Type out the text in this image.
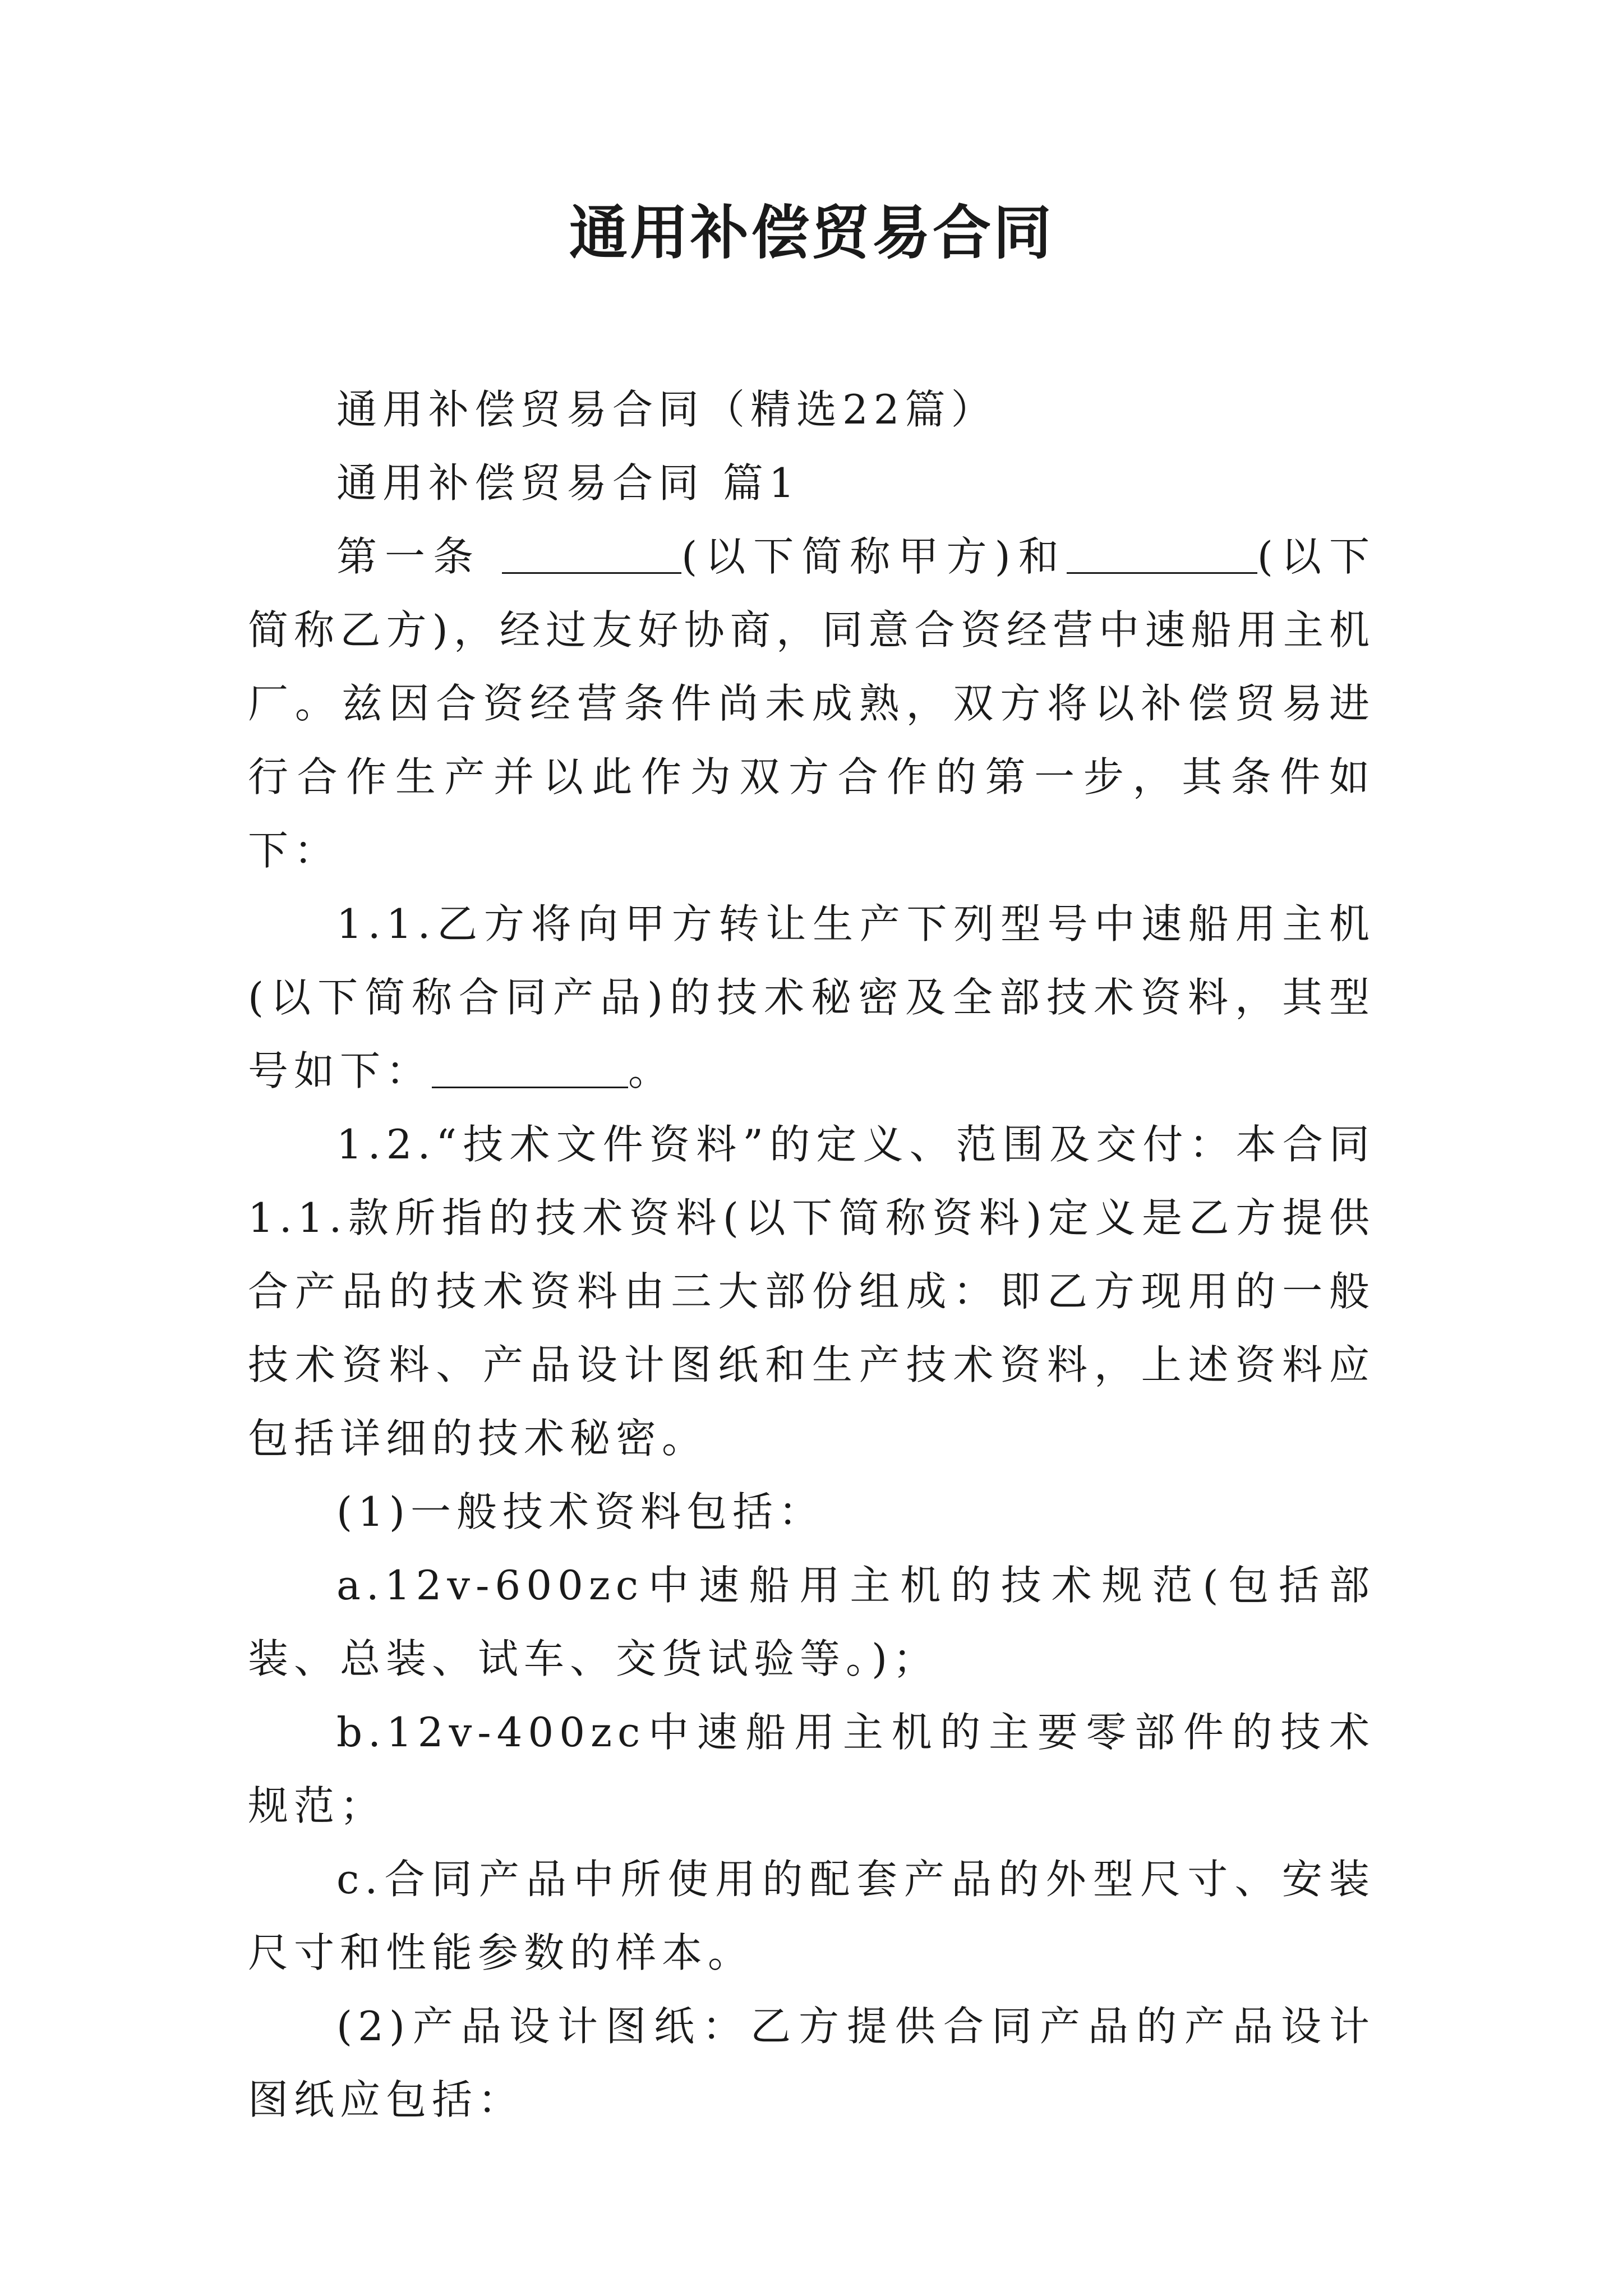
通用补偿贸易合同

通用补偿贸易合同（精选22篇）

通用补偿贸易合同 篇1

第一条	(以下简称甲方)和	(以下简称乙方)，经过友好协商，同意合资经营中速船用主机厂。兹因合资经营条件尚未成熟，双方将以补偿贸易进行合作生产并以此作为双方合作的第一步，其条件如下：

1.1.乙方将向甲方转让生产下列型号中速船用主机(以下简称合同产品)的技术秘密及全部技术资料，其型号如下：	。

1.2.“技术文件资料”的定义、范围及交付：本合同1.1.款所指的技术资料(以下简称资料)定义是乙方提供合产品的技术资料由三大部份组成：即乙方现用的一般技术资料、产品设计图纸和生产技术资料，上述资料应包括详细的技术秘密。

(1)一般技术资料包括：

a.12v-600zc中速船用主机的技术规范(包括部装、总装、试车、交货试验等。)；

b.12v-400zc中速船用主机的主要零部件的技术规范；

c.合同产品中所使用的配套产品的外型尺寸、安装尺寸和性能参数的样本。

(2)产品设计图纸：乙方提供合同产品的产品设计图纸应包括：
